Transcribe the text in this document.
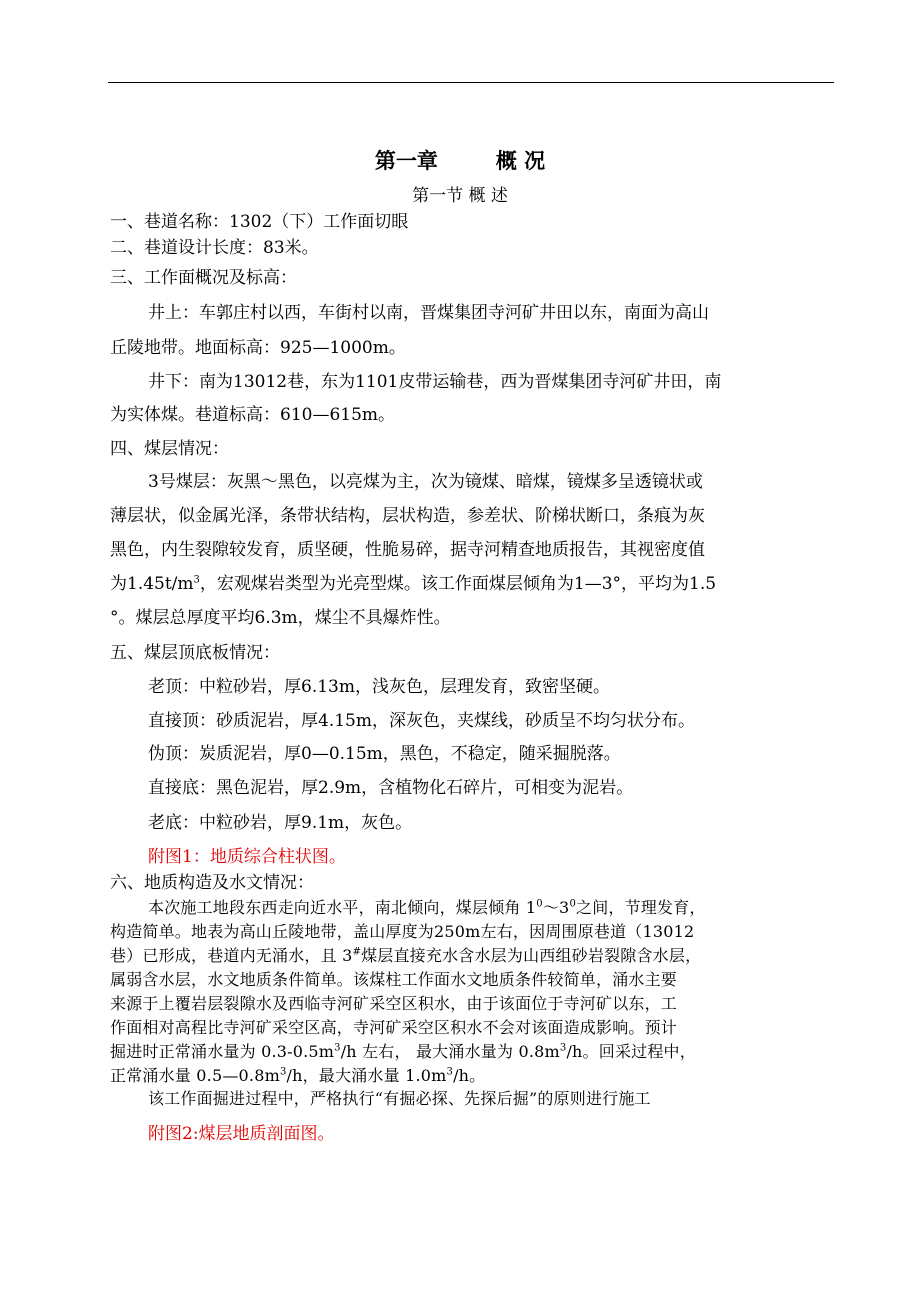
第一章	概 况
第一节 概 述
一、巷道名称：1302（下）工作面切眼
二、巷道设计长度：83米。
三、工作面概况及标高：
井上：车郭庄村以西，车街村以南，晋煤集团寺河矿井田以东，南面为高山
丘陵地带。地面标高：925—1000m。
井下：南为13012巷，东为1101皮带运输巷，西为晋煤集团寺河矿井田，南
为实体煤。巷道标高：610—615m。
四、煤层情况：
3号煤层：灰黑～黑色，以亮煤为主，次为镜煤、暗煤，镜煤多呈透镜状或
薄层状，似金属光泽，条带状结构，层状构造，参差状、阶梯状断口，条痕为灰
黑色，内生裂隙较发育，质坚硬，性脆易碎，据寺河精查地质报告，其视密度值
为$1.45t/m^3$，宏观煤岩类型为光亮型煤。该工作面煤层倾角为1—3°，平均为1.5
°。煤层总厚度平均6.3m，煤尘不具爆炸性。
五、煤层顶底板情况：
老顶：中粒砂岩，厚6.13m，浅灰色，层理发育，致密坚硬。
直接顶：砂质泥岩，厚4.15m，深灰色，夹煤线，砂质呈不均匀状分布。
伪顶：炭质泥岩，厚0—0.15m，黑色，不稳定，随采掘脱落。
直接底：黑色泥岩，厚2.9m，含植物化石碎片，可相变为泥岩。
老底：中粒砂岩，厚9.1m，灰色。
附图1：地质综合柱状图。
六、地质构造及水文情况：
本次施工地段东西走向近水平，南北倾向，煤层倾角 $1^0\sim 3^0$之间，节理发育，
构造简单。地表为高山丘陵地带，盖山厚度为250m左右，因周围原巷道（13012
巷）已形成，巷道内无涌水，且 3#煤层直接充水含水层为山西组砂岩裂隙含水层，
属弱含水层，水文地质条件简单。该煤柱工作面水文地质条件较简单，涌水主要
来源于上覆岩层裂隙水及西临寺河矿采空区积水，由于该面位于寺河矿以东，工
作面相对高程比寺河矿采空区高，寺河矿采空区积水不会对该面造成影响。预计
掘进时正常涌水量为 $0.3-0.5m^3/h$ 左右， 最大涌水量为 $0.8m^3/h$。回采过程中，
正常涌水量 $0.5—0.8m^3/h$，最大涌水量 $1.0m^3/h$。
该工作面掘进过程中，严格执行“有掘必探、先探后掘”的原则进行施工
附图2:煤层地质剖面图。
